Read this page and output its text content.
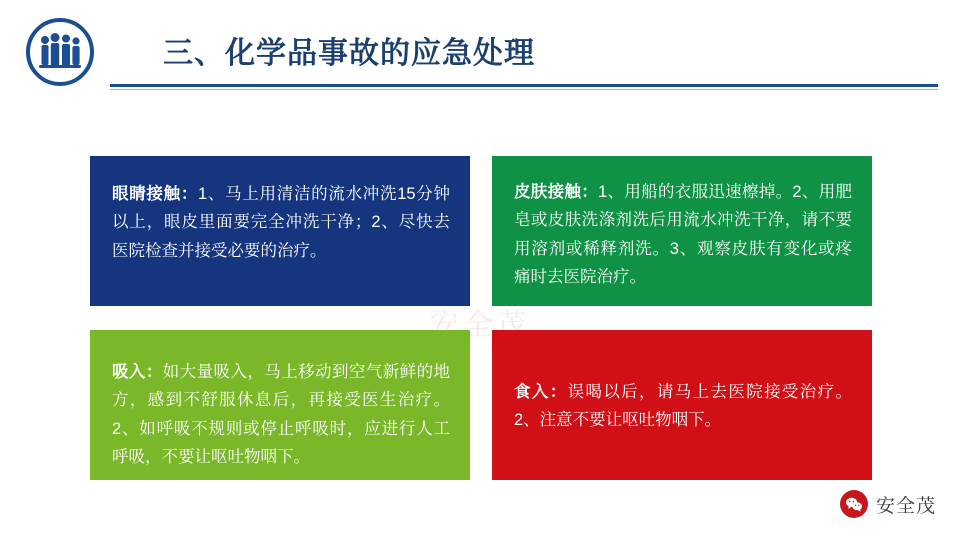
三、化学品事故的应急处理
安全茂
眼睛接触：1、马上用清洁的流水冲洗15分钟以上，眼皮里面要完全冲洗干净；2、尽快去医院检查并接受必要的治疗。
皮肤接触：1、用船的衣服迅速檫掉。2、用肥皂或皮肤洗涤剂洗后用流水冲洗干净，请不要用溶剂或稀释剂洗。3、观察皮肤有变化或疼痛时去医院治疗。
吸入：如大量吸入，马上移动到空气新鲜的地方，感到不舒服休息后，再接受医生治疗。2、如呼吸不规则或停止呼吸时，应进行人工呼吸，不要让呕吐物咽下。
食入：误喝以后，请马上去医院接受治疗。2、注意不要让呕吐物咽下。
安全茂
